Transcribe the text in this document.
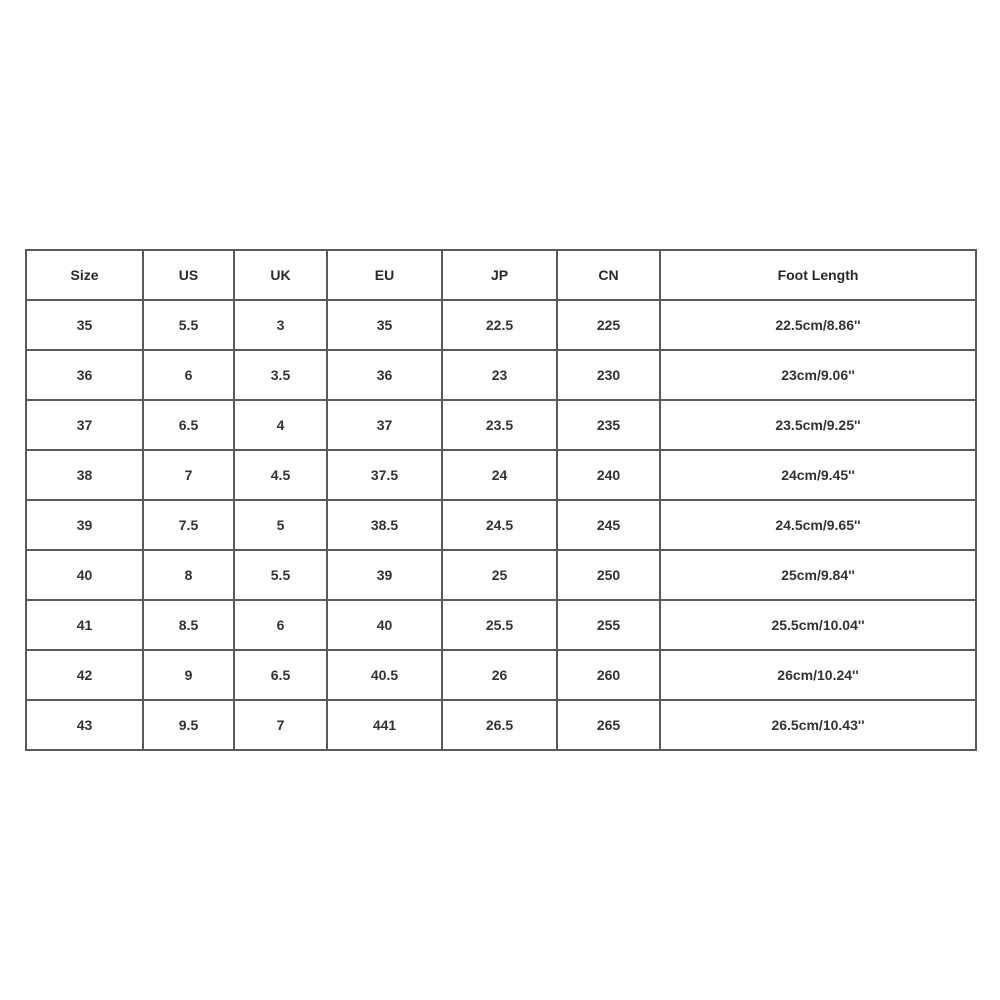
Size	US	UK	EU	JP	CN	Foot Length
35	5.5	3	35	22.5	225	22.5cm/8.86''
36	6	3.5	36	23	230	23cm/9.06''
37	6.5	4	37	23.5	235	23.5cm/9.25''
38	7	4.5	37.5	24	240	24cm/9.45''
39	7.5	5	38.5	24.5	245	24.5cm/9.65''
40	8	5.5	39	25	250	25cm/9.84''
41	8.5	6	40	25.5	255	25.5cm/10.04''
42	9	6.5	40.5	26	260	26cm/10.24''
43	9.5	7	441	26.5	265	26.5cm/10.43''
